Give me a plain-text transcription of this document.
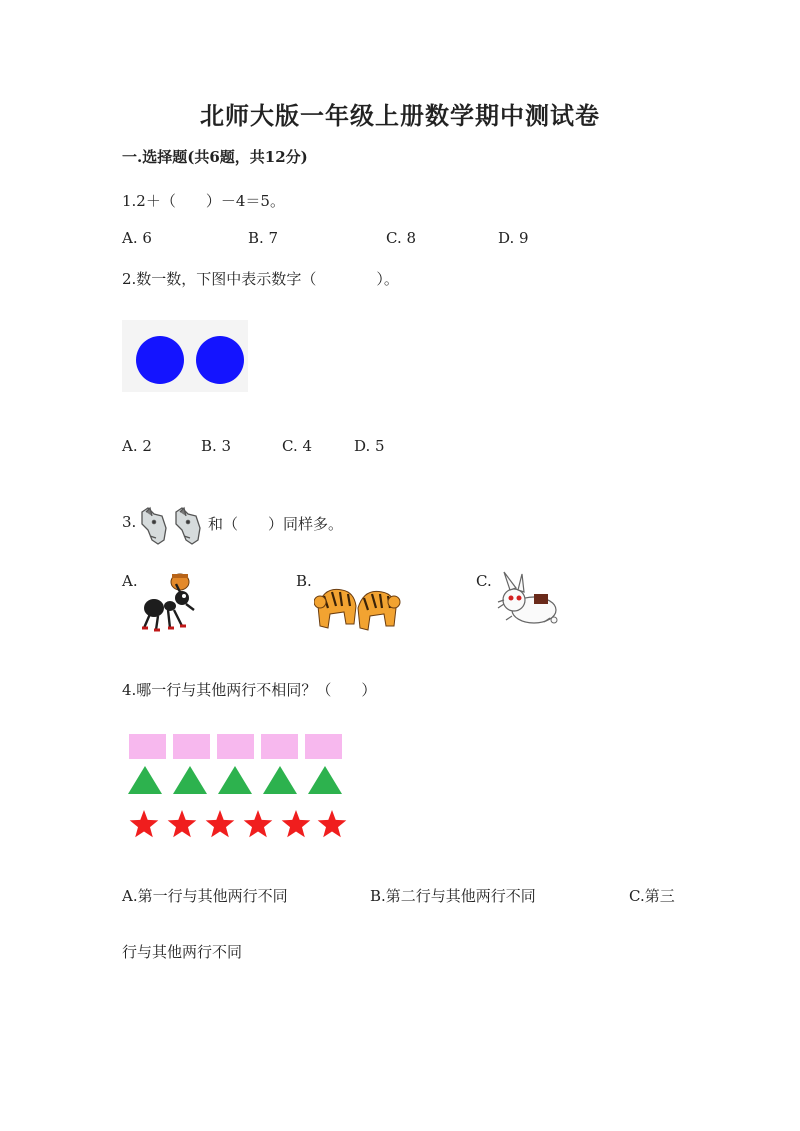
北师大版一年级上册数学期中测试卷
一.选择题(共6题，共12分)
1.2＋（　　）－4＝5。
A. 6	B. 7	C. 8	D. 9
2.数一数，下图中表示数字（　　　　）。
A. 2	B. 3	C. 4	D. 5
3.	和（　　）同样多。
A.	B.	C.
4.哪一行与其他两行不相同？（　　）
A.第一行与其他两行不同	B.第二行与其他两行不同	C.第三
行与其他两行不同
